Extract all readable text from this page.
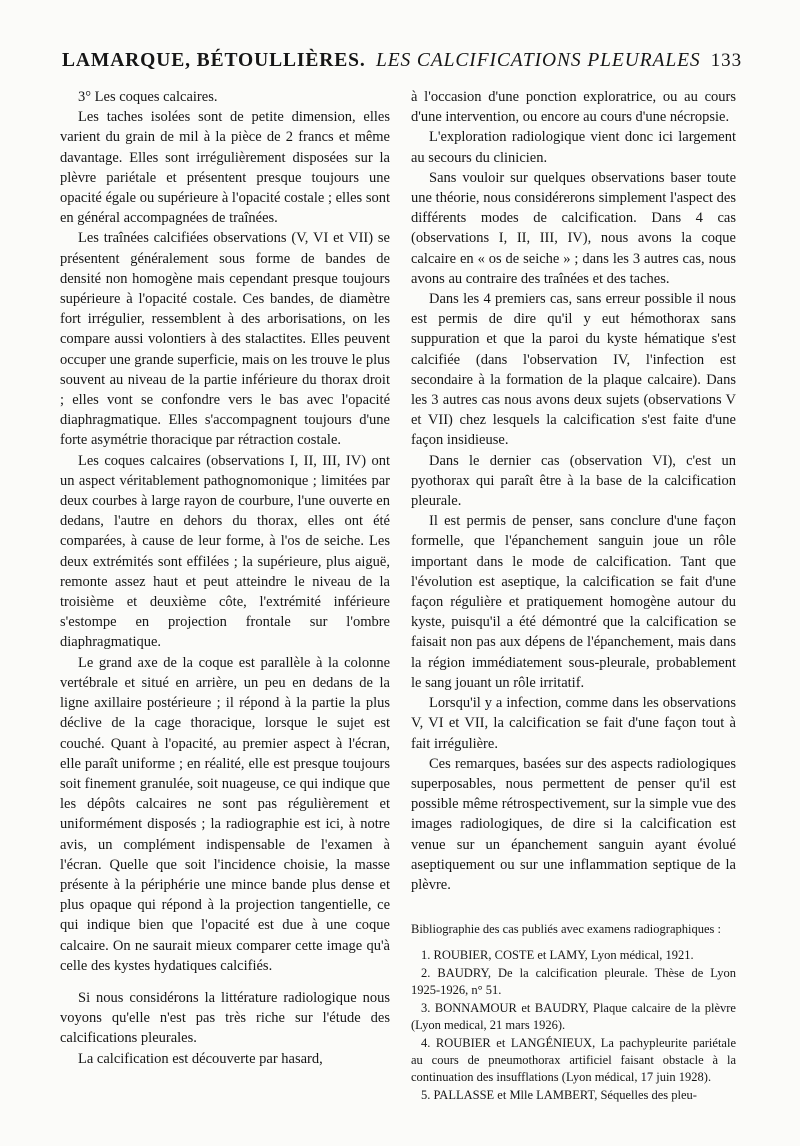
LAMARQUE, BÉTOULLIÈRES. LES CALCIFICATIONS PLEURALES 133

3° Les coques calcaires.

Les taches isolées sont de petite dimension, elles varient du grain de mil à la pièce de 2 francs et même davantage. Elles sont irrégulièrement disposées sur la plèvre pariétale et présentent presque toujours une opacité égale ou supérieure à l'opacité costale ; elles sont en général accompagnées de traînées.

Les traînées calcifiées observations (V, VI et VII) se présentent généralement sous forme de bandes de densité non homogène mais cependant presque toujours supérieure à l'opacité costale. Ces bandes, de diamètre fort irrégulier, ressemblent à des arborisations, on les compare aussi volontiers à des stalactites. Elles peuvent occuper une grande superficie, mais on les trouve le plus souvent au niveau de la partie inférieure du thorax droit ; elles vont se confondre vers le bas avec l'opacité diaphragmatique. Elles s'accompagnent toujours d'une forte asymétrie thoracique par rétraction costale.

Les coques calcaires (observations I, II, III, IV) ont un aspect véritablement pathognomonique ; limitées par deux courbes à large rayon de courbure, l'une ouverte en dedans, l'autre en dehors du thorax, elles ont été comparées, à cause de leur forme, à l'os de seiche. Les deux extrémités sont effilées ; la supérieure, plus aiguë, remonte assez haut et peut atteindre le niveau de la troisième et deuxième côte, l'extrémité inférieure s'estompe en projection frontale sur l'ombre diaphragmatique.

Le grand axe de la coque est parallèle à la colonne vertébrale et situé en arrière, un peu en dedans de la ligne axillaire postérieure ; il répond à la partie la plus déclive de la cage thoracique, lorsque le sujet est couché. Quant à l'opacité, au premier aspect à l'écran, elle paraît uniforme ; en réalité, elle est presque toujours soit finement granulée, soit nuageuse, ce qui indique que les dépôts calcaires ne sont pas régulièrement et uniformément disposés ; la radiographie est ici, à notre avis, un complément indispensable de l'examen à l'écran. Quelle que soit l'incidence choisie, la masse présente à la périphérie une mince bande plus dense et plus opaque qui répond à la projection tangentielle, ce qui indique bien que l'opacité est due à une coque calcaire. On ne saurait mieux comparer cette image qu'à celle des kystes hydatiques calcifiés.

Si nous considérons la littérature radiologique nous voyons qu'elle n'est pas très riche sur l'étude des calcifications pleurales.

La calcification est découverte par hasard,

à l'occasion d'une ponction exploratrice, ou au cours d'une intervention, ou encore au cours d'une nécropsie.

L'exploration radiologique vient donc ici largement au secours du clinicien.

Sans vouloir sur quelques observations baser toute une théorie, nous considérerons simplement l'aspect des différents modes de calcification. Dans 4 cas (observations I, II, III, IV), nous avons la coque calcaire en « os de seiche » ; dans les 3 autres cas, nous avons au contraire des traînées et des taches.

Dans les 4 premiers cas, sans erreur possible il nous est permis de dire qu'il y eut hémothorax sans suppuration et que la paroi du kyste hématique s'est calcifiée (dans l'observation IV, l'infection est secondaire à la formation de la plaque calcaire). Dans les 3 autres cas nous avons deux sujets (observations V et VII) chez lesquels la calcification s'est faite d'une façon insidieuse.

Dans le dernier cas (observation VI), c'est un pyothorax qui paraît être à la base de la calcification pleurale.

Il est permis de penser, sans conclure d'une façon formelle, que l'épanchement sanguin joue un rôle important dans le mode de calcification. Tant que l'évolution est aseptique, la calcification se fait d'une façon régulière et pratiquement homogène autour du kyste, puisqu'il a été démontré que la calcification se faisait non pas aux dépens de l'épanchement, mais dans la région immédiatement sous-pleurale, probablement le sang jouant un rôle irritatif.

Lorsqu'il y a infection, comme dans les observations V, VI et VII, la calcification se fait d'une façon tout à fait irrégulière.

Ces remarques, basées sur des aspects radiologiques superposables, nous permettent de penser qu'il est possible même rétrospectivement, sur la simple vue des images radiologiques, de dire si la calcification est venue sur un épanchement sanguin ayant évolué aseptiquement ou sur une inflammation septique de la plèvre.

Bibliographie des cas publiés avec examens radiographiques :
1. ROUBIER, COSTE et LAMY, Lyon médical, 1921.
2. BAUDRY, De la calcification pleurale. Thèse de Lyon 1925-1926, n° 51.
3. BONNAMOUR et BAUDRY, Plaque calcaire de la plèvre (Lyon medical, 21 mars 1926).
4. ROUBIER et LANGÉNIEUX, La pachypleurite pariétale au cours de pneumothorax artificiel faisant obstacle à la continuation des insufflations (Lyon médical, 17 juin 1928).
5. PALLASSE et Mlle LAMBERT, Séquelles des pleu-
